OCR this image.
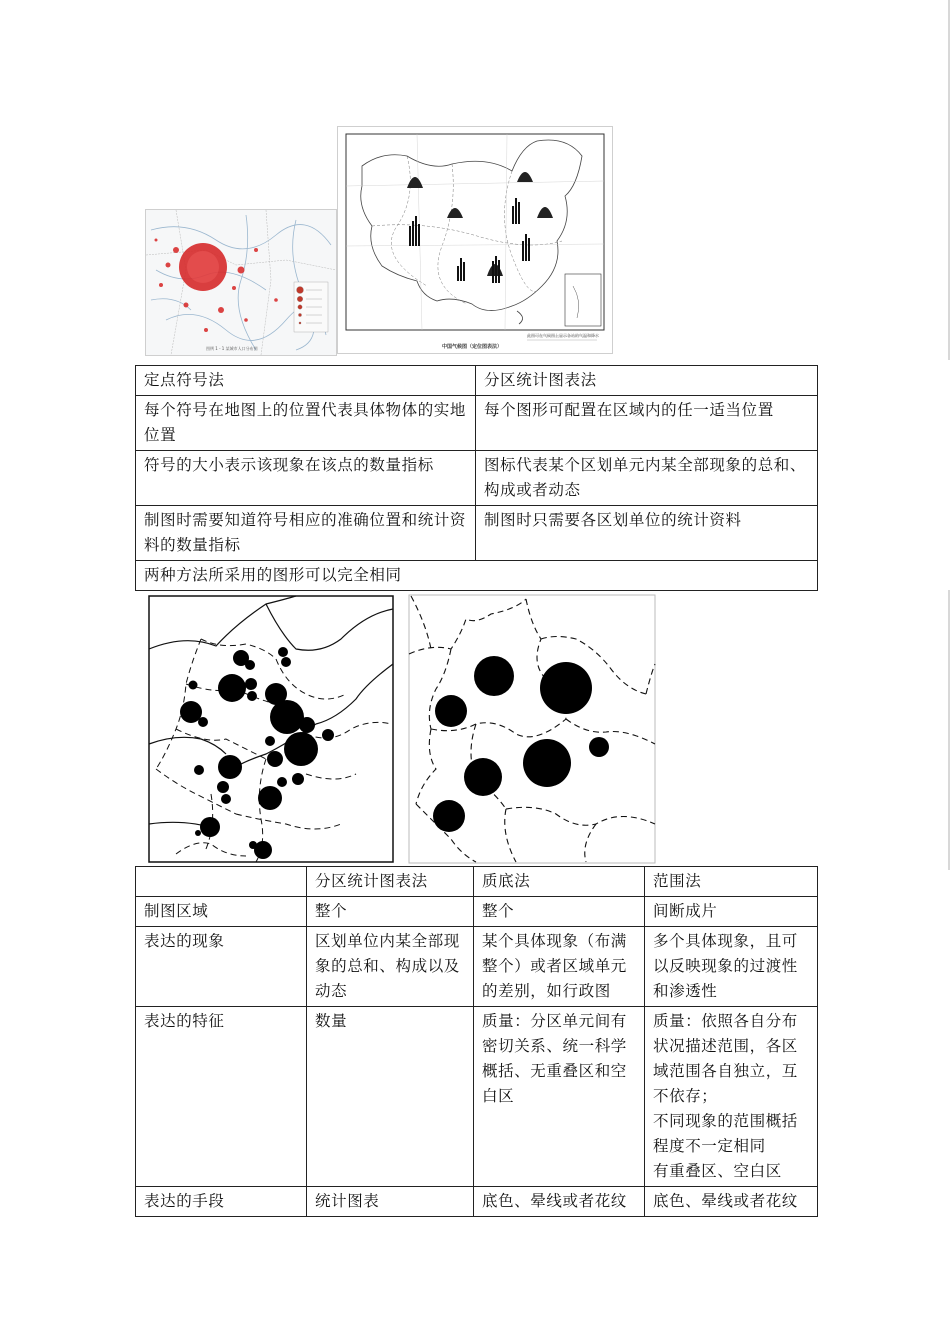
图例 1 - 1 某城市人口分布图
此图可在气候图上显示各站的气温和降水
中国气候图（定位图表法）
定点符号法	分区统计图表法
每个符号在地图上的位置代表具体物体的实地位置	每个图形可配置在区域内的任一适当位置
符号的大小表示该现象在该点的数量指标	图标代表某个区划单元内某全部现象的总和、构成或者动态
制图时需要知道符号相应的准确位置和统计资料的数量指标	制图时只需要各区划单位的统计资料
两种方法所采用的图形可以完全相同	
	分区统计图表法	质底法	范围法
制图区域	整个	整个	间断成片
表达的现象	区划单位内某全部现象的总和、构成以及动态	某个具体现象（布满整个）或者区域单元的差别，如行政图	多个具体现象，且可以反映现象的过渡性和渗透性
表达的特征	数量	质量：分区单元间有密切关系、统一科学概括、无重叠区和空白区	质量：依照各自分布状况描述范围，各区域范围各自独立，互不依存；
不同现象的范围概括程度不一定相同
有重叠区、空白区

表达的手段	统计图表	底色、晕线或者花纹	底色、晕线或者花纹
